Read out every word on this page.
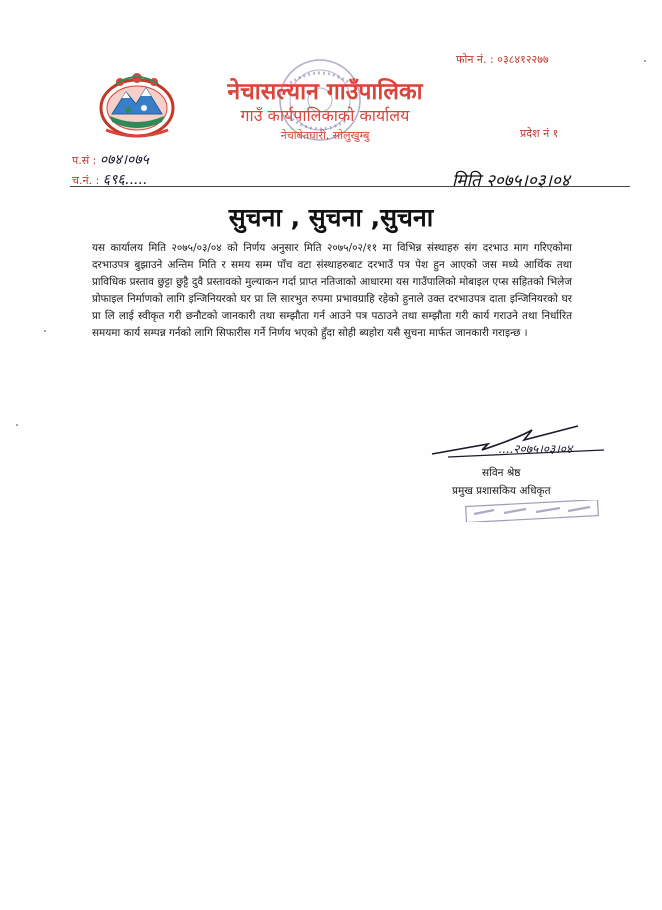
फोन नं. : ०३८४१२२७७
नेचासल्यान गाउँपालिका
गाउँ कार्यपालिकाको कार्यालय
नेचाबेतघारी, सोलुखुम्बु	प्रदेश नं १
प.सं : ०७४।०७५
च.नं. : ६९६.....	मिति २०७५।०३।०४
सुचना , सुचना ,सुचना

यस कार्यालय मिति २०७५/०३/०४ को निर्णय अनुसार मिति २०७५/०२/११ मा विभिन्न संस्थाहरु संग दरभाउ माग गरिएकोमा दरभाउपत्र बुझाउने अन्तिम मिति र समय सम्म पाँच वटा संस्थाहरुबाट दरभाउँ पत्र पेश हुन आएको जस मध्ये आर्थिक तथा प्राविधिक प्रस्ताव छुट्टा छुट्टै दुवै प्रस्तावको मुल्याकन गर्दा प्राप्त नतिजाको आधारमा यस गाउँपालिको मोबाइल एप्स सहितको भिलेज प्रोफाइल निर्माणको लागि इन्जिनियरको घर प्रा लि सारभुत रुपमा प्रभावग्राहि रहेको हुनाले उक्त दरभाउपत्र दाता इन्जिनियरको घर प्रा लि लाई स्वीकृत गरी छनौटको जानकारी तथा सम्झौता गर्न आउने पत्र पठाउने तथा सम्झौता गरी कार्य गराउने तथा निर्धारित समयमा कार्य सम्पन्न गर्नको लागि सिफारीस गर्ने निर्णय भएको हुँदा सोही ब्यहोरा यसै सुचना मार्फत जानकारी गराइन्छ ।

....२०७५।०३।०४
सविन श्रेष्ठ
प्रमुख प्रशासकिय अधिकृत
